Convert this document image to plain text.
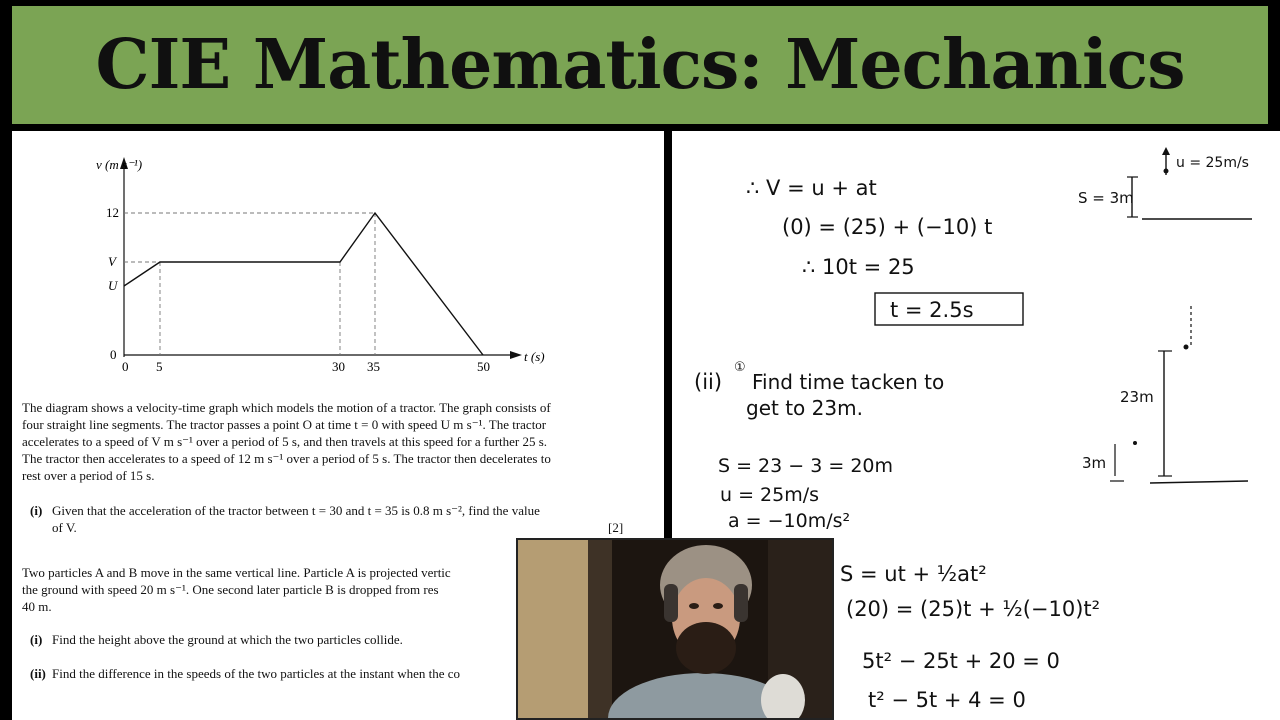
CIE Mathematics: Mechanics
v (m s⁻¹)
t (s)
12
V
U
0
0 5	30 35	50
The diagram shows a velocity-time graph which models the motion of a tractor. The graph consists of
four straight line segments. The tractor passes a point O at time t = 0 with speed U m s⁻¹. The tractor
accelerates to a speed of V m s⁻¹ over a period of 5 s, and then travels at this speed for a further 25 s.
The tractor then accelerates to a speed of 12 m s⁻¹ over a period of 5 s. The tractor then decelerates to
rest over a period of 15 s.
(i) Given that the acceleration of the tractor between t = 30 and t = 35 is 0.8 m s⁻², find the value
of V.	[2]
Two particles A and B move in the same vertical line. Particle A is projected vertic
the ground with speed 20 m s⁻¹. One second later particle B is dropped from res
40 m.
(i) Find the height above the ground at which the two particles collide.
(ii) Find the difference in the speeds of the two particles at the instant when the co
∴ V = u + at
(0) = (25) + (−10) t
∴ 10t = 25
t = 2.5s
u = 25m/s
S = 3m
(ii)
①
Find time tacken to
get to 23m.	23m
3m
S = 23 − 3 = 20m
u = 25m/s
a = −10m/s²
S = ut + ½at²
(20) = (25)t + ½(−10)t²
5t² − 25t + 20 = 0
t² − 5t + 4 = 0
